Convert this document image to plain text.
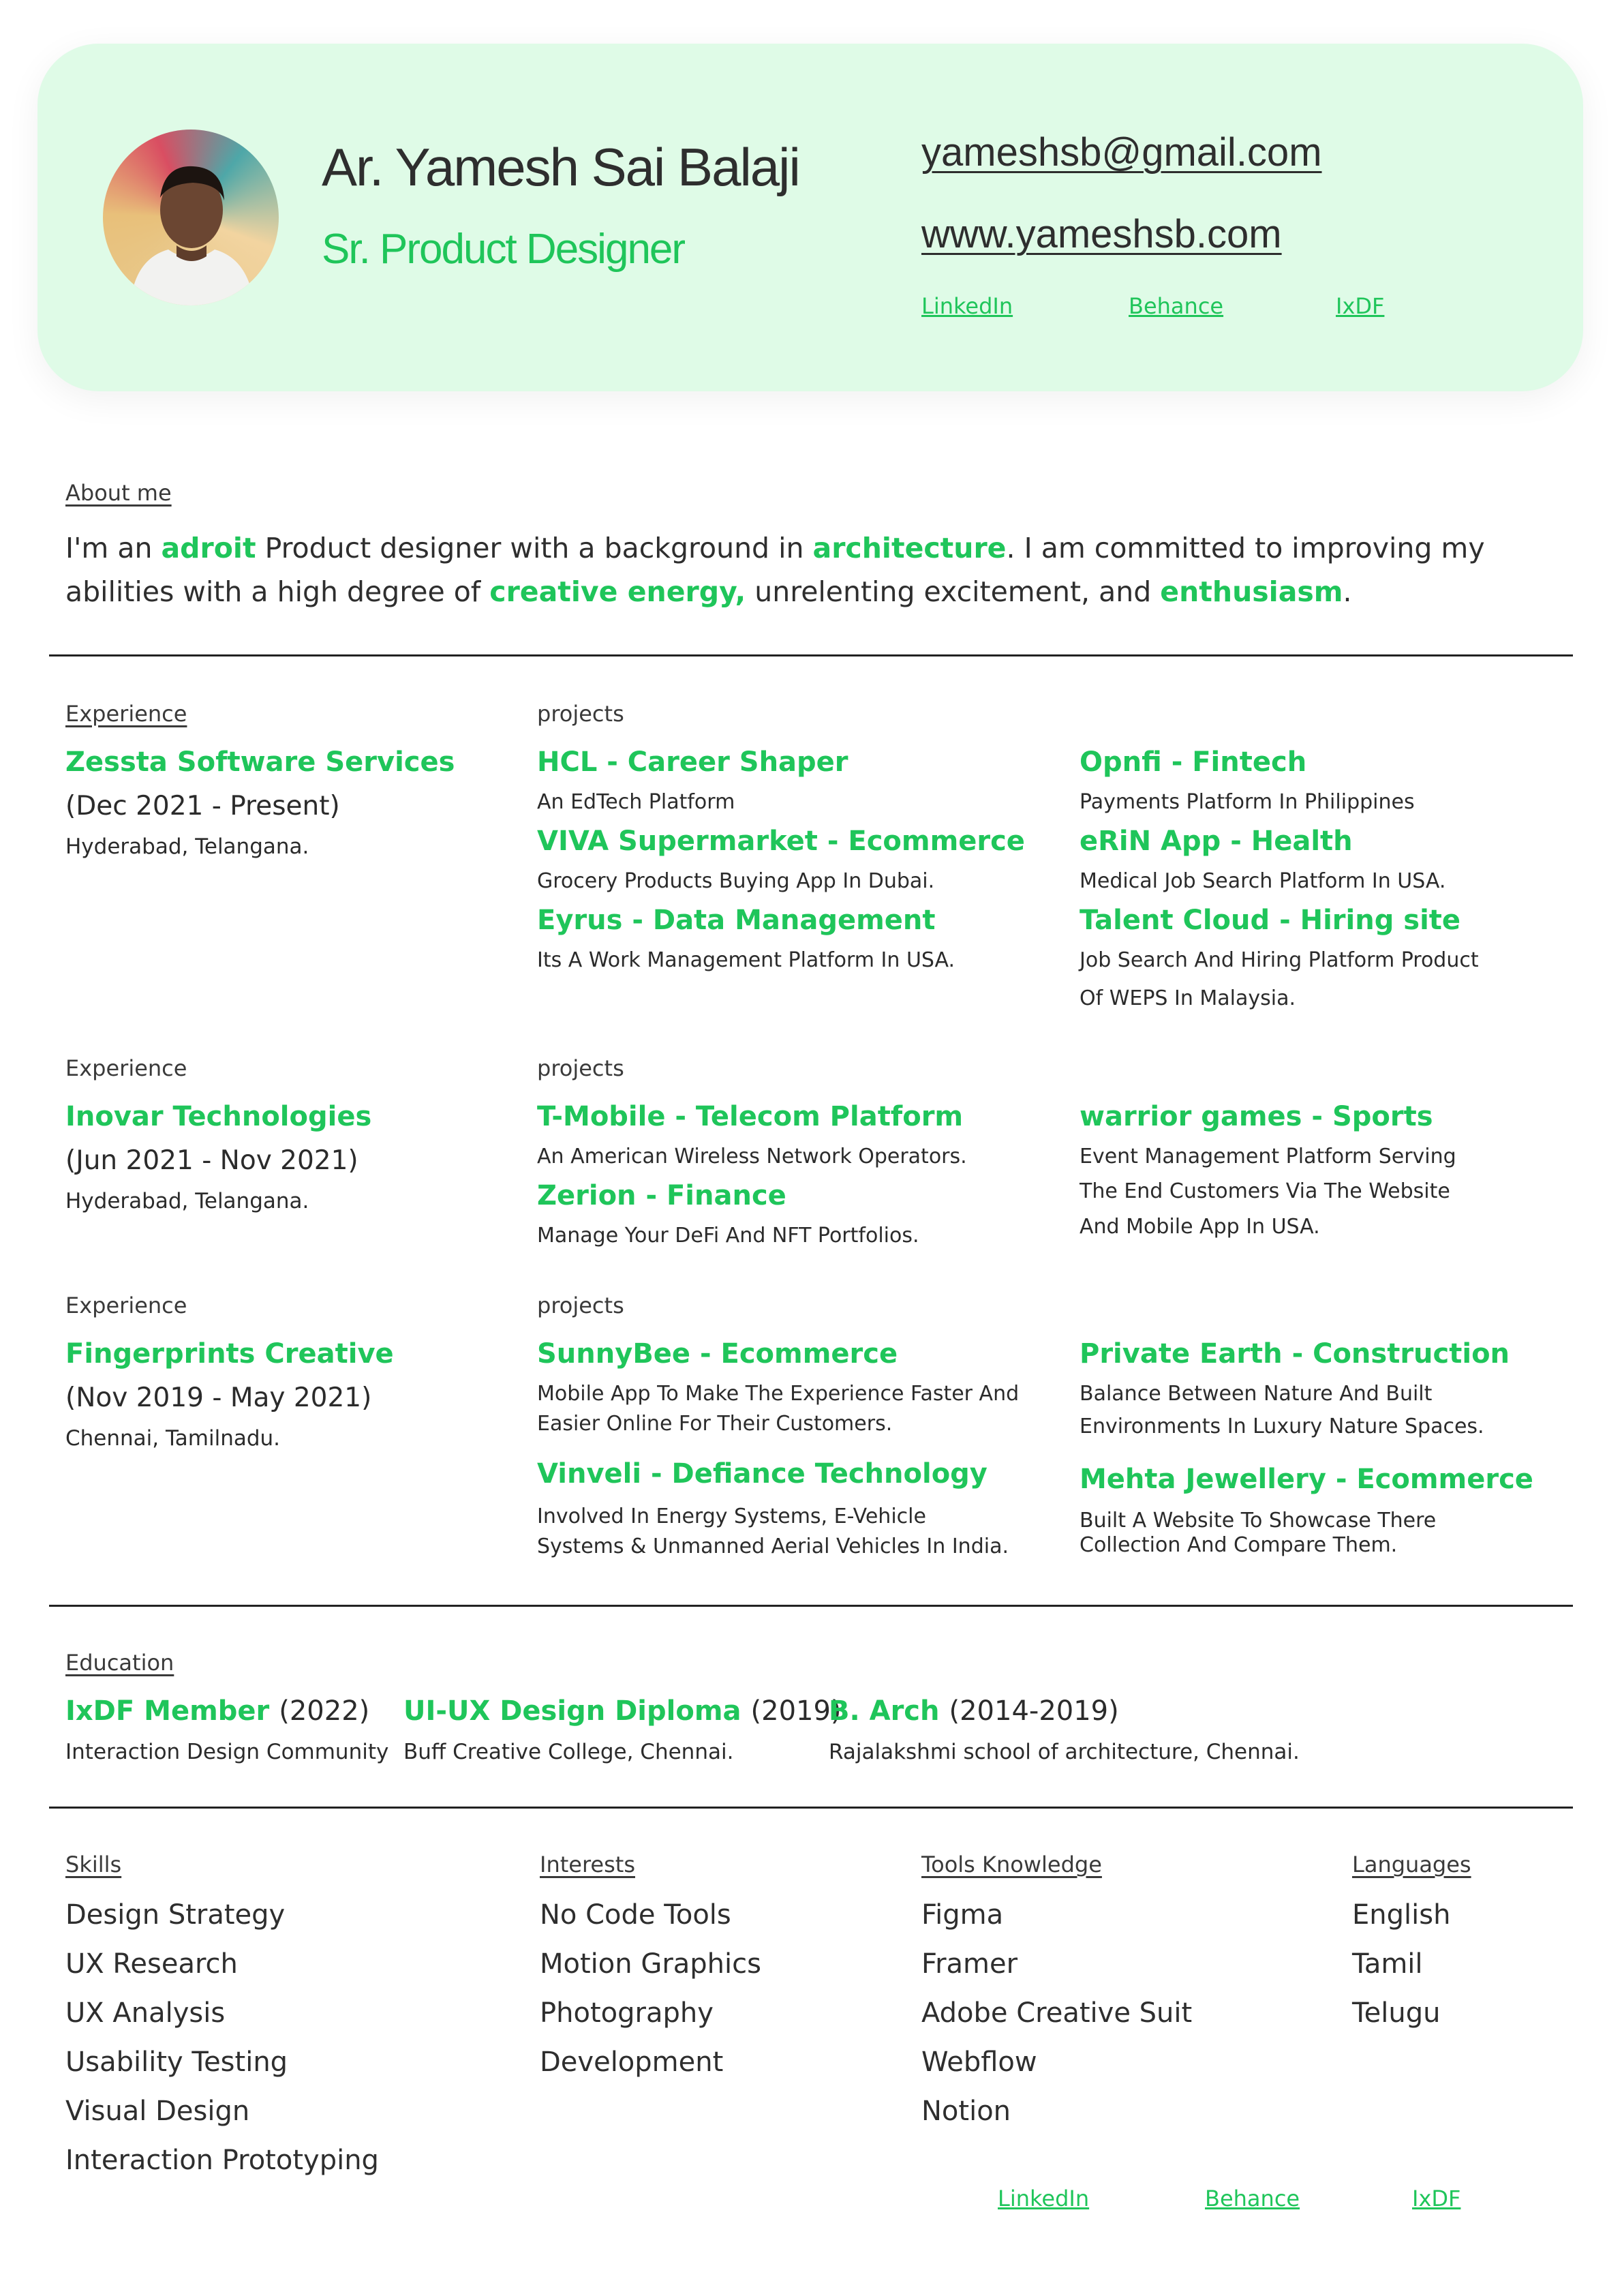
Ar. Yamesh Sai Balaji
Sr. Product Designer
yameshsb@gmail.com
www.yameshsb.com
LinkedIn	Behance	IxDF
About me
I'm an adroit Product designer with a background in architecture. I am committed to improving my abilities with a high degree of creative energy, unrelenting excitement, and enthusiasm.
Experience
Zessta Software Services
(Dec 2021 - Present)
Hyderabad, Telangana.
projects
HCL - Career Shaper
An EdTech Platform
VIVA Supermarket - Ecommerce
Grocery Products Buying App In Dubai.
Eyrus - Data Management
Its A Work Management Platform In USA.
Opnfi - Fintech
Payments Platform In Philippines
eRiN App - Health
Medical Job Search Platform In USA.
Talent Cloud - Hiring site
Job Search And Hiring Platform Product
Of WEPS In Malaysia.
Experience
Inovar Technologies
(Jun 2021 - Nov 2021)
Hyderabad, Telangana.
projects
T-Mobile - Telecom Platform
An American Wireless Network Operators.
Zerion - Finance
Manage Your DeFi And NFT Portfolios.
warrior games - Sports
Event Management Platform Serving
The End Customers Via The Website
And Mobile App In USA.
Experience
Fingerprints Creative
(Nov 2019 - May 2021)
Chennai, Tamilnadu.
projects
SunnyBee - Ecommerce
Mobile App To Make The Experience Faster And
Easier Online For Their Customers.
Vinveli - Defiance Technology
Involved In Energy Systems, E-Vehicle
Systems & Unmanned Aerial Vehicles In India.
Private Earth - Construction
Balance Between Nature And Built
Environments In Luxury Nature Spaces.
Mehta Jewellery - Ecommerce
Built A Website To Showcase There
Collection And Compare Them.
Education
IxDF Member (2022)
Interaction Design Community
UI-UX Design Diploma (2019)
Buff Creative College, Chennai.
B. Arch (2014-2019)
Rajalakshmi school of architecture, Chennai.
Skills
Design Strategy
UX Research
UX Analysis
Usability Testing
Visual Design
Interaction Prototyping
Interests
No Code Tools
Motion Graphics
Photography
Development
Tools Knowledge
Figma
Framer
Adobe Creative Suit
Webflow
Notion
Languages
English
Tamil
Telugu
LinkedIn	Behance	IxDF
